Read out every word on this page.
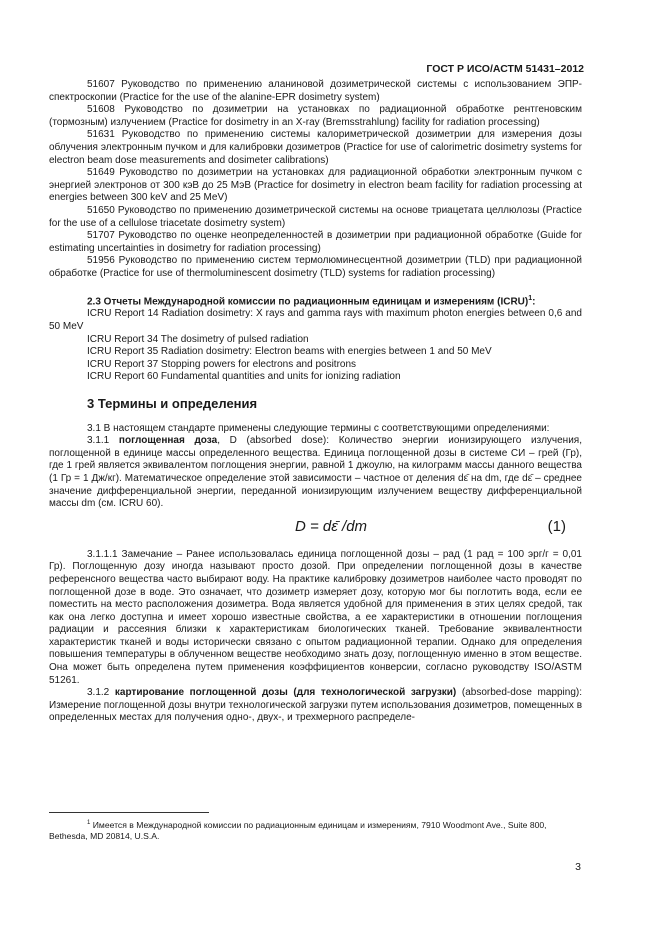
ГОСТ Р ИСО/АСТМ 51431–2012

51607 Руководство по применению аланиновой дозиметрической системы с использованием ЭПР-спектроскопии (Practice for the use of the alanine-EPR dosimetry system)

51608 Руководство по дозиметрии на установках по радиационной обработке рентгеновским (тормозным) излучением (Practice for dosimetry in an X-ray (Bremsstrahlung) facility for radiation processing)

51631 Руководство по применению системы калориметрической дозиметрии для измерения дозы облучения электронным пучком и для калибровки дозиметров (Practice for use of calorimetric dosimetry systems for electron beam dose measurements and dosimeter calibrations)

51649 Руководство по дозиметрии на установках для радиационной обработки электронным пучком с энергией электронов от 300 кэВ до 25 МэВ (Practice for dosimetry in electron beam facility for radiation processing at energies between 300 keV and 25 MeV)

51650 Руководство по применению дозиметрической системы на основе триацетата целлюлозы (Practice for the use of a cellulose triacetate dosimetry system)

51707 Руководство по оценке неопределенностей в дозиметрии при радиационной обработке (Guide for estimating uncertainties in dosimetry for radiation processing)

51956 Руководство по применению систем термолюминесцентной дозиметрии (TLD) при радиационной обработке (Practice for use of thermoluminescent dosimetry (TLD) systems for radiation processing)

2.3 Отчеты Международной комиссии по радиационным единицам и измерениям (ICRU)$^1$:

ICRU Report 14 Radiation dosimetry: X rays and gamma rays with maximum photon energies between 0,6 and 50 MeV

ICRU Report 34 The dosimetry of pulsed radiation

ICRU Report 35 Radiation dosimetry: Electron beams with energies between 1 and 50 MeV

ICRU Report 37 Stopping powers for electrons and positrons

ICRU Report 60 Fundamental quantities and units for ionizing radiation

3 Термины и определения

3.1 В настоящем стандарте применены следующие термины с соответствующими определениями:

3.1.1 поглощенная доза, D (absorbed dose): Количество энергии ионизирующего излучения, поглощенной в единице массы определенного вещества. Единица поглощенной дозы в системе СИ – грей (Гр), где 1 грей является эквивалентом поглощения энергии, равной 1 джоулю, на килограмм массы данного вещества (1 Гр = 1 Дж/кг). Математическое определение этой зависимости – частное от деления dε̄ на dm, где dε̄ – среднее значение дифференциальной энергии, переданной ионизирующим излучением веществу дифференциальной массы dm (см. ICRU 60).

D = dε̄ /dm	(1)

3.1.1.1 Замечание – Ранее использовалась единица поглощенной дозы – рад (1 рад = 100 эрг/г = 0,01 Гр). Поглощенную дозу иногда называют просто дозой. При определении поглощенной дозы в качестве референсного вещества часто выбирают воду. На практике калибровку дозиметров наиболее часто проводят по поглощенной дозе в воде. Это означает, что дозиметр измеряет дозу, которую мог бы поглотить вода, если ее поместить на место расположения дозиметра. Вода является удобной для применения в этих целях средой, так как она легко доступна и имеет хорошо известные свойства, а ее характеристики в отношении поглощения радиации и рассеяния близки к характеристикам биологических тканей. Требование эквивалентности характеристик тканей и воды исторически связано с опытом радиационной терапии. Однако для определения повышения температуры в облученном веществе необходимо знать дозу, поглощенную именно в этом веществе. Она может быть определена путем применения коэффициентов конверсии, согласно руководству ISO/ASTM 51261.

3.1.2 картирование поглощенной дозы (для технологической загрузки) (absorbed-dose mapping): Измерение поглощенной дозы внутри технологической загрузки путем использования дозиметров, помещенных в определенных местах для получения одно-, двух-, и трехмерного распределе-

$^1$ Имеется в Международной комиссии по радиационным единицам и измерениям, 7910 Woodmont Ave., Suite 800, Bethesda, MD 20814, U.S.A.
3
